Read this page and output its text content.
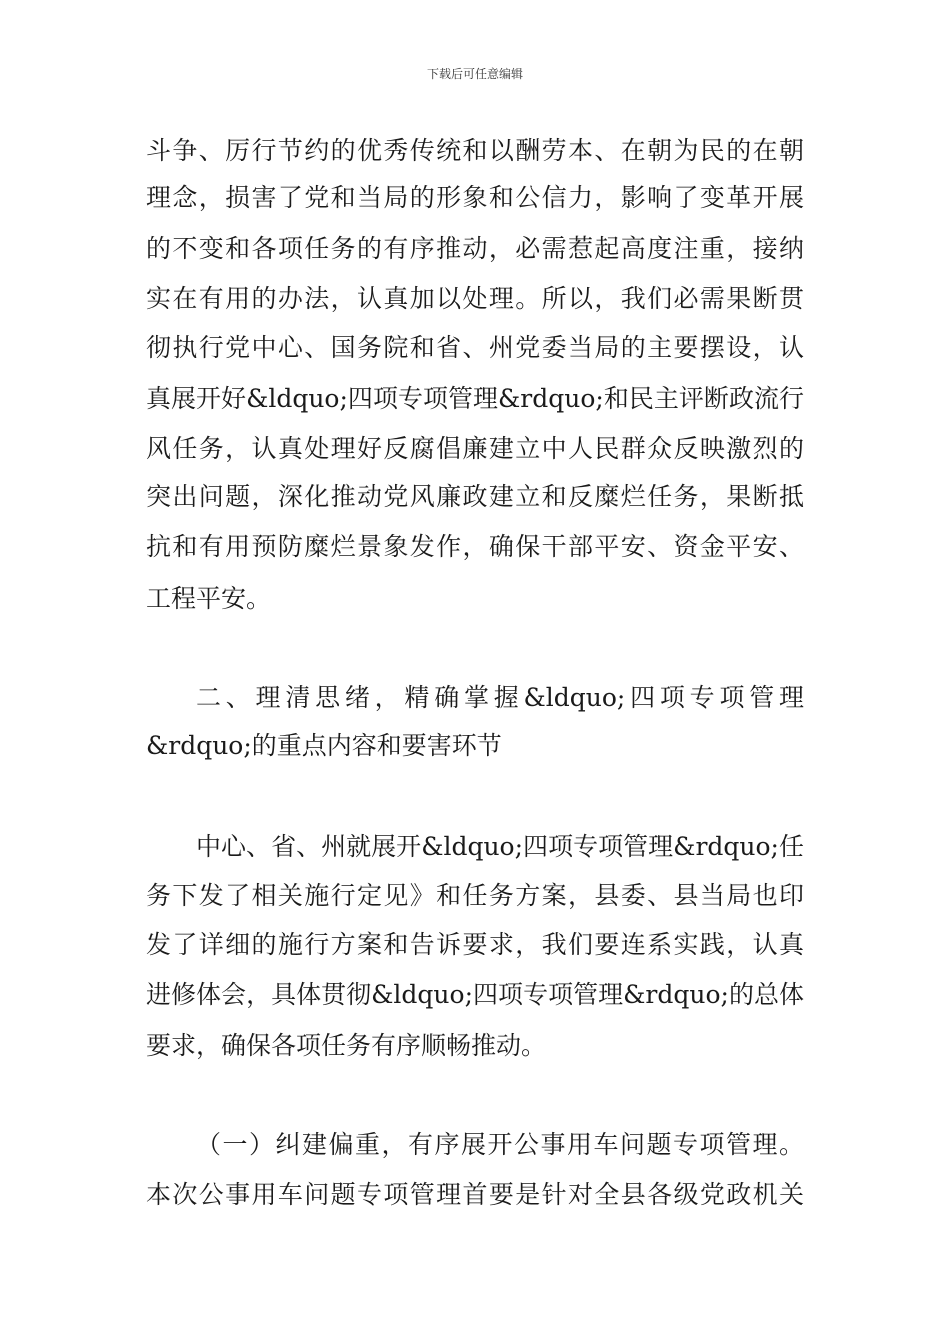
下载后可任意编辑
斗争、厉行节约的优秀传统和以酬劳本、在朝为民的在朝
理念，损害了党和当局的形象和公信力，影响了变革开展
的不变和各项任务的有序推动，必需惹起高度注重，接纳
实在有用的办法，认真加以处理。所以，我们必需果断贯
彻执行党中心、国务院和省、州党委当局的主要摆设，认
真展开好&ldquo;四项专项管理&rdquo;和民主评断政流行
风任务，认真处理好反腐倡廉建立中人民群众反映激烈的
突出问题，深化推动党风廉政建立和反糜烂任务，果断抵
抗和有用预防糜烂景象发作，确保干部平安、资金平安、
工程平安。
二、理清思绪，精确掌握&ldquo;四项专项管理
&rdquo;的重点内容和要害环节
中心、省、州就展开&ldquo;四项专项管理&rdquo;任
务下发了相关施行定见》和任务方案，县委、县当局也印
发了详细的施行方案和告诉要求，我们要连系实践，认真
进修体会，具体贯彻&ldquo;四项专项管理&rdquo;的总体
要求，确保各项任务有序顺畅推动。
（一）纠建偏重，有序展开公事用车问题专项管理。
本次公事用车问题专项管理首要是针对全县各级党政机关
